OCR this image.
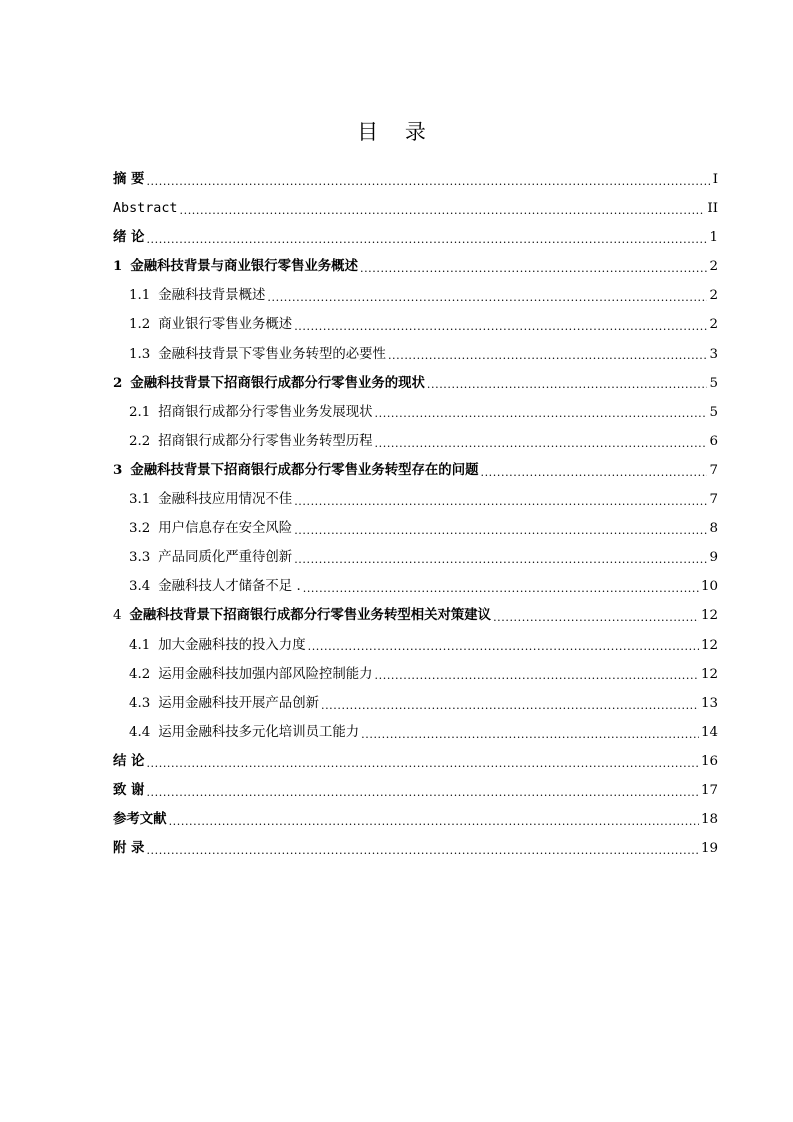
目 录
摘 要 .....	I
Abstract .....	II
绪 论 .....	1
1 金融科技背景与商业银行零售业务概述 .....	2
1.1 金融科技背景概述 .....	2
1.2 商业银行零售业务概述 .....	2
1.3 金融科技背景下零售业务转型的必要性 .....	3
2 金融科技背景下招商银行成都分行零售业务的现状 .....	5
2.1 招商银行成都分行零售业务发展现状 .....	5
2.2 招商银行成都分行零售业务转型历程 .....	6
3 金融科技背景下招商银行成都分行零售业务转型存在的问题 .....	7
3.1 金融科技应用情况不佳 .....	7
3.2 用户信息存在安全风险 .....	8
3.3 产品同质化严重待创新 .....	9
3.4 金融科技人才储备不足 . .....	10
4 金融科技背景下招商银行成都分行零售业务转型相关对策建议 .....	12
4.1 加大金融科技的投入力度 .....	12
4.2 运用金融科技加强内部风险控制能力 .....	12
4.3 运用金融科技开展产品创新 .....	13
4.4 运用金融科技多元化培训员工能力 .....	14
结 论 .....	16
致 谢 .....	17
参考文献 .....	18
附 录 .....	19
